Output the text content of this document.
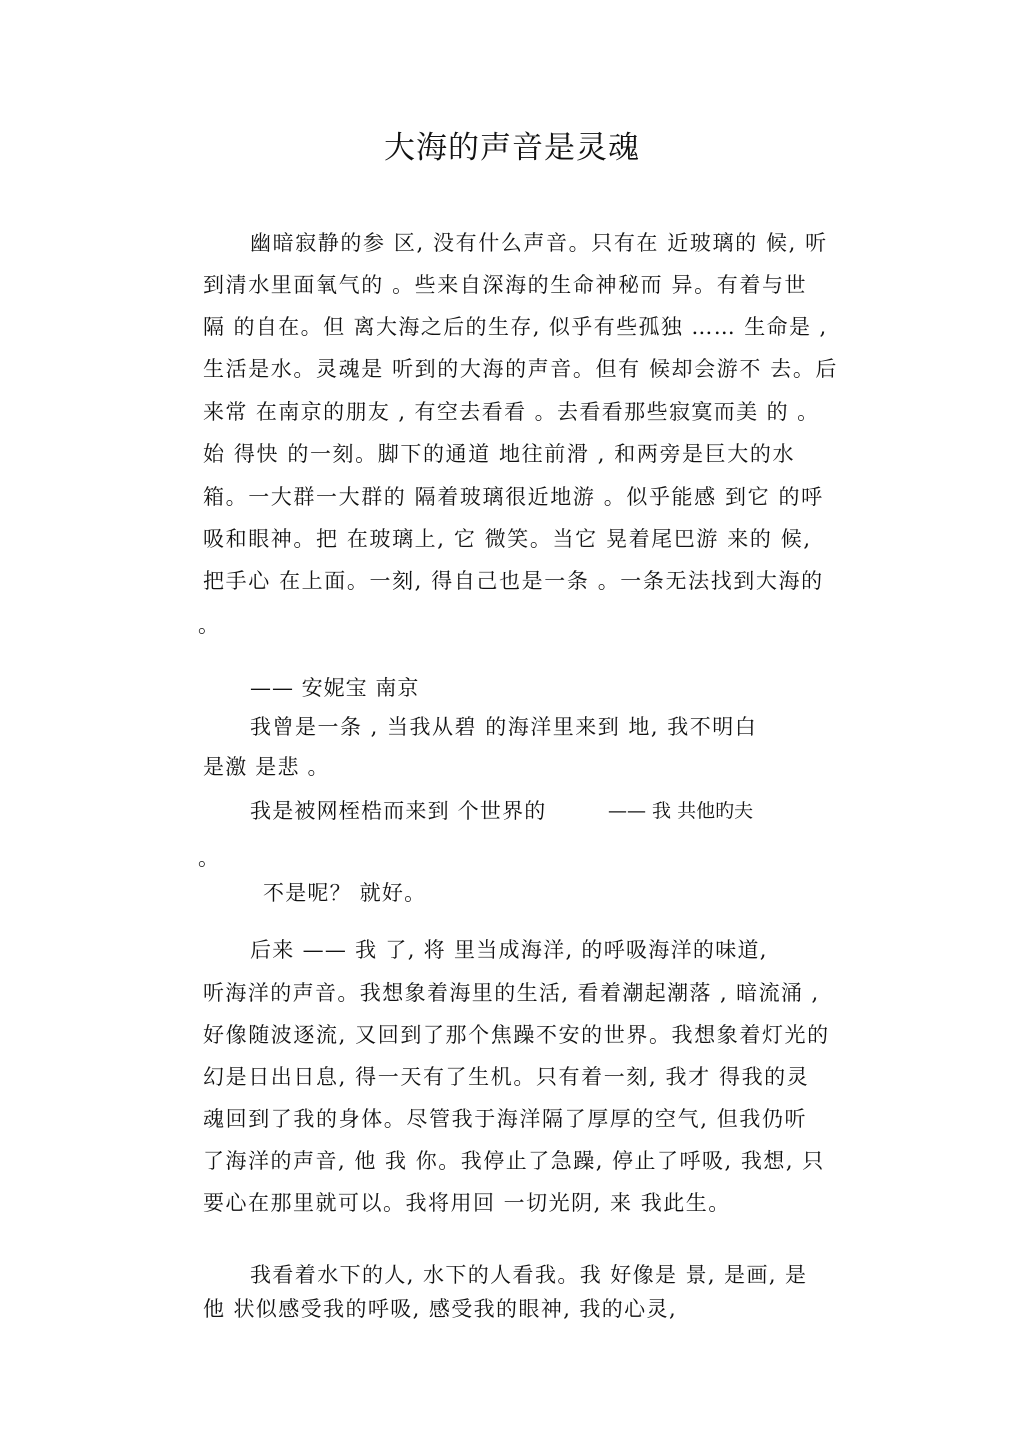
大海的声音是灵魂
幽暗寂静的参 区, 没有什么声音。只有在 近玻璃的 候, 听
到清水里面氧气的 。些来自深海的生命神秘而 异。有着与世
隔 的自在。但 离大海之后的生存, 似乎有些孤独 …… 生命是 ,
生活是水。灵魂是 听到的大海的声音。但有 候却会游不 去。后
来常 在南京的朋友 , 有空去看看 。去看看那些寂寞而美 的 。
始 得快 的一刻。脚下的通道 地往前滑 , 和两旁是巨大的水
箱。一大群一大群的 隔着玻璃很近地游 。似乎能感 到它 的呼
吸和眼神。把 在玻璃上, 它 微笑。当它 晃着尾巴游 来的 候,
把手心 在上面。一刻, 得自己也是一条 。一条无法找到大海的
。
—— 安妮宝 南京
我曾是一条 , 当我从碧 的海洋里来到 地, 我不明白
是激 是悲 。
我是被网桎梏而来到 个世界的	—— 我 共他旳夫
。
不是呢？ 就好。
后来 —— 我 了, 将 里当成海洋, 的呼吸海洋的味道,
听海洋的声音。我想象着海里的生活, 看着潮起潮落 , 暗流涌 ,
好像随波逐流, 又回到了那个焦躁不安的世界。我想象着灯光的
幻是日出日息, 得一天有了生机。只有着一刻, 我才 得我的灵
魂回到了我的身体。尽管我于海洋隔了厚厚的空气, 但我仍听
了海洋的声音, 他 我 你。我停止了急躁, 停止了呼吸, 我想, 只
要心在那里就可以。我将用回 一切光阴, 来 我此生。
我看着水下的人, 水下的人看我。我 好像是 景, 是画, 是
他 状似感受我的呼吸, 感受我的眼神, 我的心灵,
